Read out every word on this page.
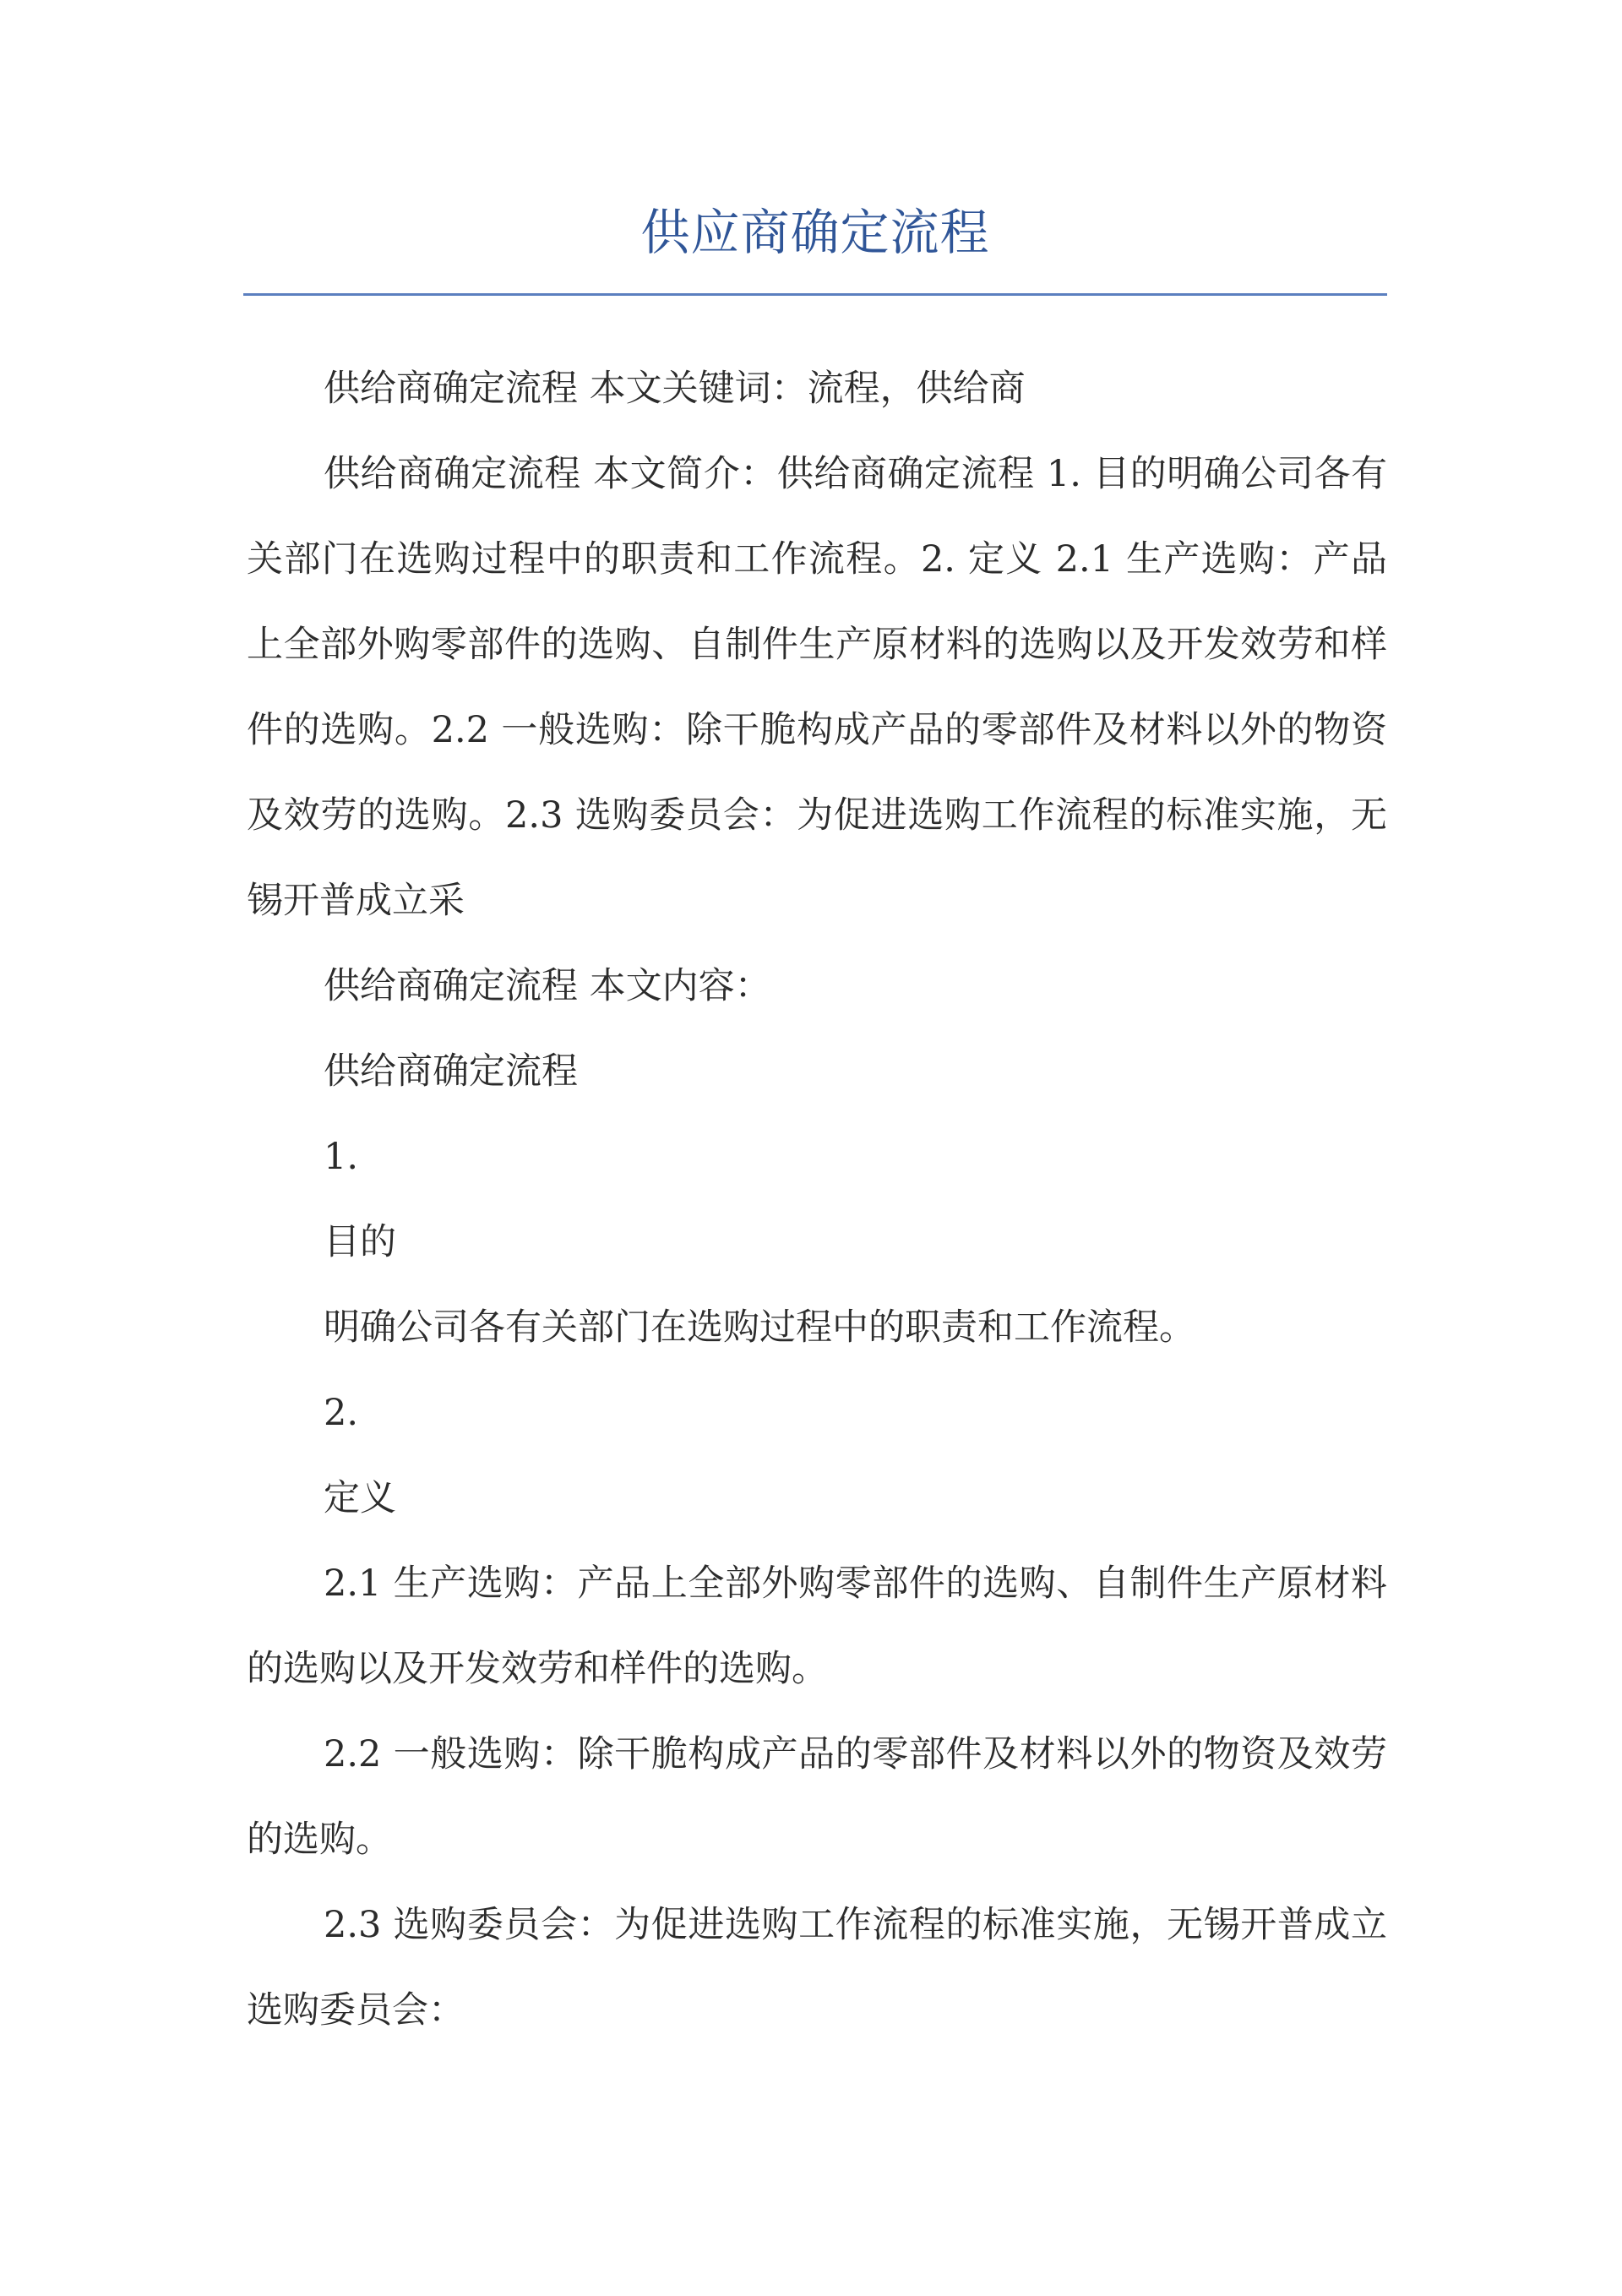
供应商确定流程

供给商确定流程 本文关键词：流程，供给商

供给商确定流程 本文简介：供给商确定流程 1. 目的明确公司各有关部门在选购过程中的职责和工作流程。2. 定义 2.1 生产选购：产品上全部外购零部件的选购、自制件生产原材料的选购以及开发效劳和样件的选购。2.2 一般选购：除干脆构成产品的零部件及材料以外的物资及效劳的选购。2.3 选购委员会：为促进选购工作流程的标准实施，无锡开普成立采

供给商确定流程 本文内容：

供给商确定流程

1.

目的

明确公司各有关部门在选购过程中的职责和工作流程。

2.

定义

2.1 生产选购：产品上全部外购零部件的选购、自制件生产原材料的选购以及开发效劳和样件的选购。

2.2 一般选购：除干脆构成产品的零部件及材料以外的物资及效劳的选购。

2.3 选购委员会：为促进选购工作流程的标准实施，无锡开普成立选购委员会：
